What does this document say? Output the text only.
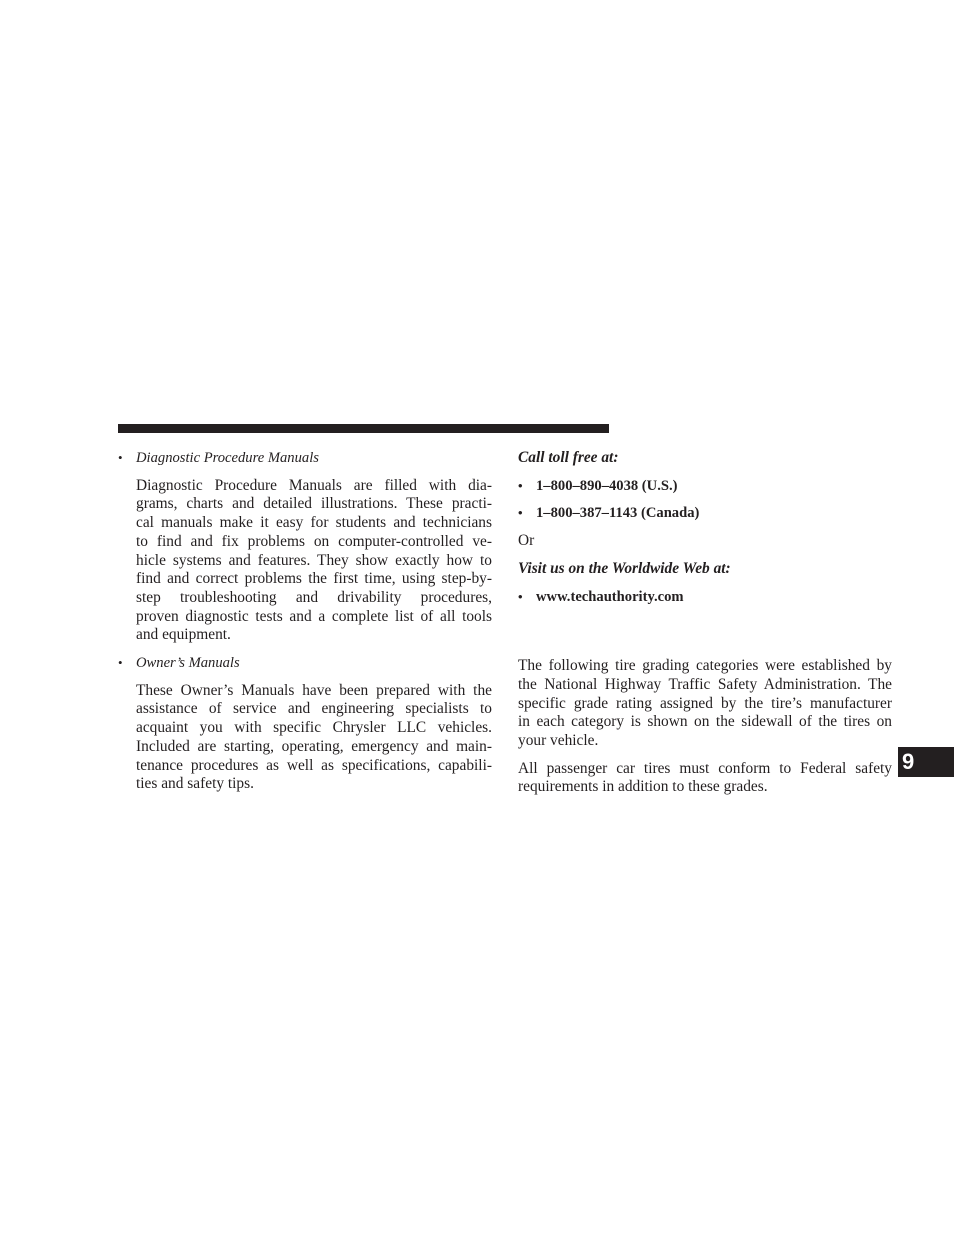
• Diagnostic Procedure Manuals

Diagnostic Procedure Manuals are filled with dia-
grams, charts and detailed illustrations. These practi-
cal manuals make it easy for students and technicians
to find and fix problems on computer-controlled ve-
hicle systems and features. They show exactly how to
find and correct problems the first time, using step-by-
step troubleshooting and drivability procedures,
proven diagnostic tests and a complete list of all tools
and equipment.

• Owner’s Manuals

These Owner’s Manuals have been prepared with the
assistance of service and engineering specialists to
acquaint you with specific Chrysler LLC vehicles.
Included are starting, operating, emergency and main-
tenance procedures as well as specifications, capabili-
ties and safety tips.

Call toll free at:

• 1–800–890–4038 (U.S.)

• 1–800–387–1143 (Canada)

Or

Visit us on the Worldwide Web at:

• www.techauthority.com

The following tire grading categories were established by
the National Highway Traffic Safety Administration. The
specific grade rating assigned by the tire’s manufacturer
in each category is shown on the sidewall of the tires on
your vehicle.

All passenger car tires must conform to Federal safety
requirements in addition to these grades.

9
